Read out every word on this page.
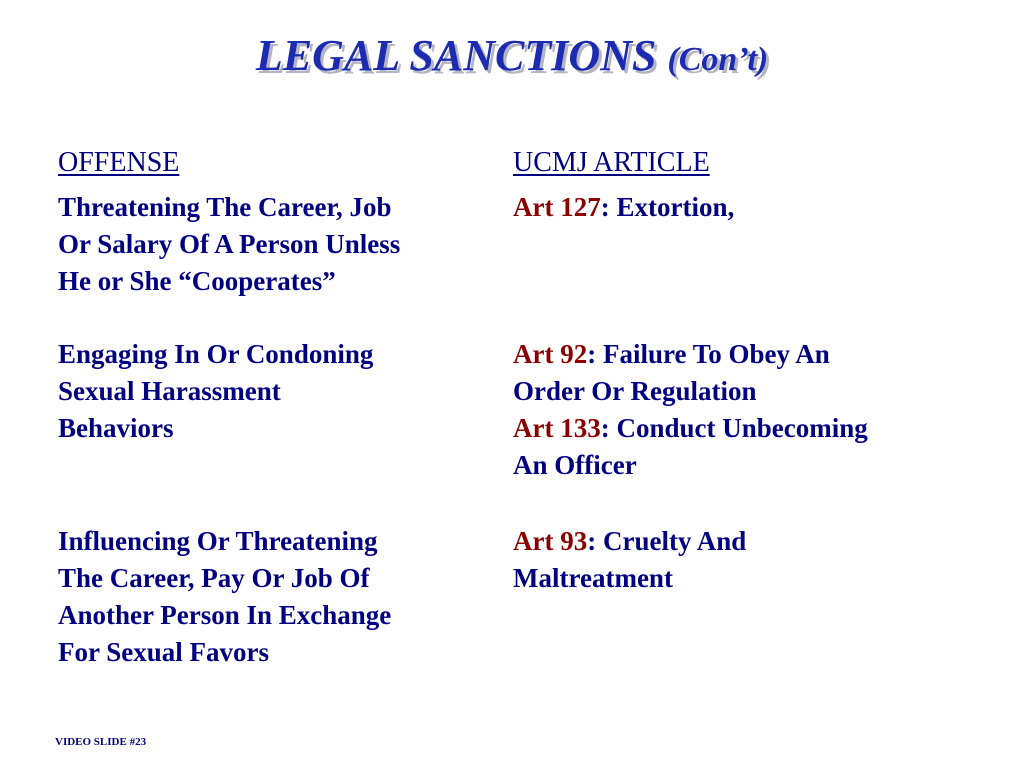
LEGAL SANCTIONS (Con’t)
OFFENSE	UCMJ ARTICLE
Threatening The Career, Job
Or Salary Of A Person Unless
He or She “Cooperates”
Art 127: Extortion,
Engaging In Or Condoning
Sexual Harassment
Behaviors
Art 92: Failure To Obey An
Order Or Regulation
Art 133: Conduct Unbecoming
An Officer
Influencing Or Threatening
The Career, Pay Or Job Of
Another Person In Exchange
For Sexual Favors
Art 93: Cruelty And
Maltreatment
VIDEO SLIDE #23
